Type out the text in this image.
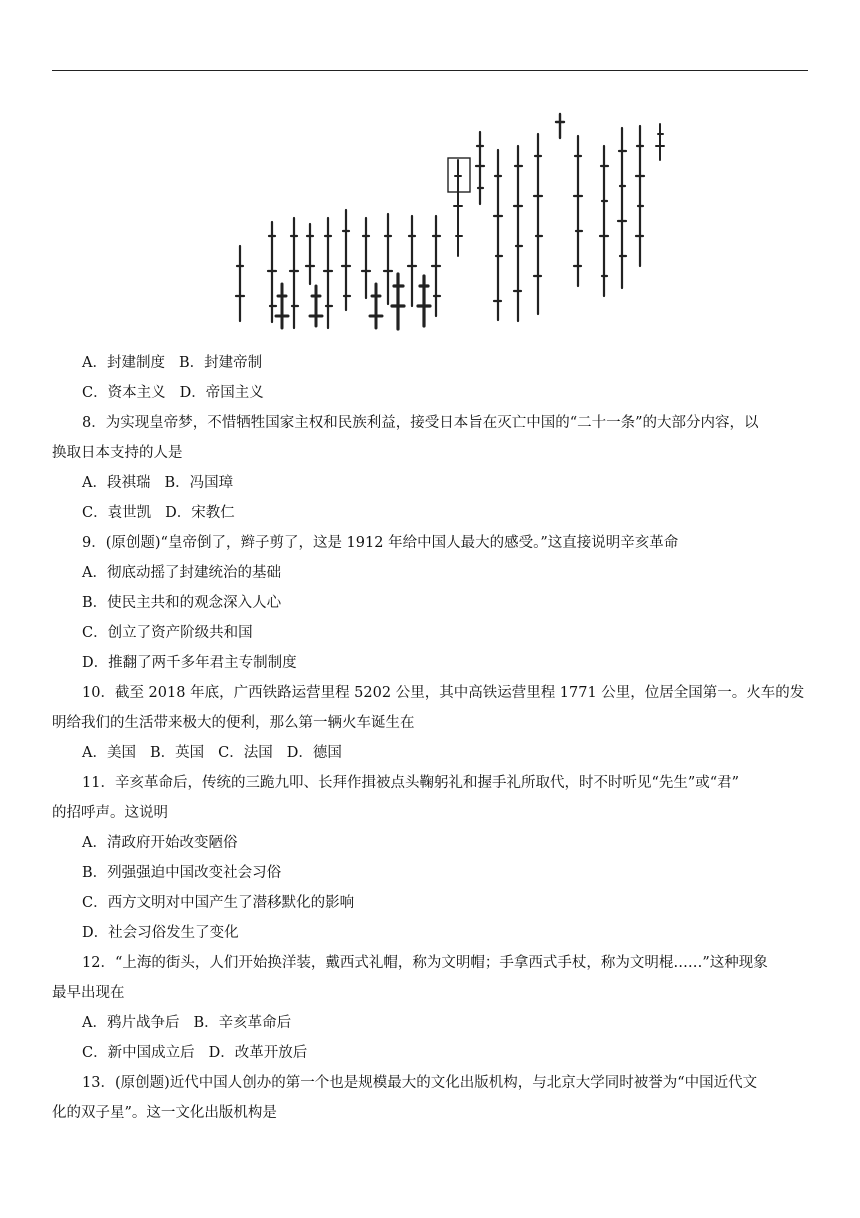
A．封建制度 B．封建帝制
C．资本主义 D．帝国主义
8．为实现皇帝梦，不惜牺牲国家主权和民族利益，接受日本旨在灭亡中国的“二十一条”的大部分内容，以
换取日本支持的人是
A．段祺瑞 B．冯国璋
C．袁世凯 D．宋教仁
9．(原创题)“皇帝倒了，辫子剪了，这是 1912 年给中国人最大的感受。”这直接说明辛亥革命
A．彻底动摇了封建统治的基础
B．使民主共和的观念深入人心
C．创立了资产阶级共和国
D．推翻了两千多年君主专制制度
10．截至 2018 年底，广西铁路运营里程 5202 公里，其中高铁运营里程 1771 公里，位居全国第一。火车的发
明给我们的生活带来极大的便利，那么第一辆火车诞生在
A．美国 B．英国 C．法国 D．德国
11．辛亥革命后，传统的三跪九叩、长拜作揖被点头鞠躬礼和握手礼所取代，时不时听见“先生”或“君”
的招呼声。这说明
A．清政府开始改变陋俗
B．列强强迫中国改变社会习俗
C．西方文明对中国产生了潜移默化的影响
D．社会习俗发生了变化
12．“上海的街头，人们开始换洋装，戴西式礼帽，称为文明帽；手拿西式手杖，称为文明棍……”这种现象
最早出现在
A．鸦片战争后 B．辛亥革命后
C．新中国成立后 D．改革开放后
13．(原创题)近代中国人创办的第一个也是规模最大的文化出版机构，与北京大学同时被誉为“中国近代文
化的双子星”。这一文化出版机构是
